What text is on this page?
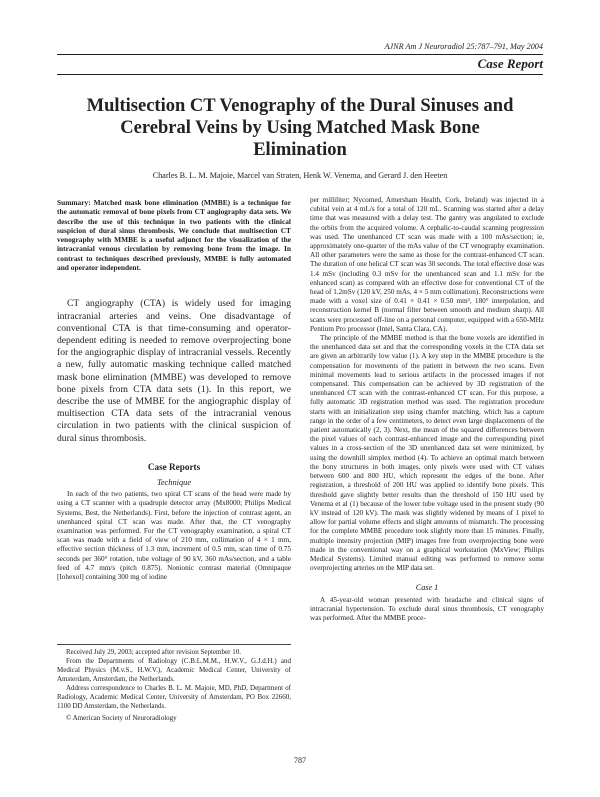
AJNR Am J Neuroradiol 25:787–791, May 2004
Case Report
Multisection CT Venography of the Dural Sinuses and Cerebral Veins by Using Matched Mask Bone Elimination
Charles B. L. M. Majoie, Marcel van Straten, Henk W. Venema, and Gerard J. den Heeten

Summary: Matched mask bone elimination (MMBE) is a technique for the automatic removal of bone pixels from CT angiography data sets. We describe the use of this technique in two patients with the clinical suspicion of dural sinus thrombosis. We conclude that multisection CT venography with MMBE is a useful adjunct for the visualization of the intracranial venous circulation by removing bone from the image. In contrast to techniques described previously, MMBE is fully automated and operator independent.

CT angiography (CTA) is widely used for imaging intracranial arteries and veins. One disadvantage of conventional CTA is that time-consuming and operator-dependent editing is needed to remove overprojecting bone for the angiographic display of intracranial vessels. Recently a new, fully automatic masking technique called matched mask bone elimination (MMBE) was developed to remove bone pixels from CTA data sets (1). In this report, we describe the use of MMBE for the angiographic display of multisection CTA data sets of the intracranial venous circulation in two patients with the clinical suspicion of dural sinus thrombosis.

Case Reports
Technique

In each of the two patients, two spiral CT scans of the head were made by using a CT scanner with a quadruple detector array (Mx8000; Philips Medical Systems, Best, the Netherlands). First, before the injection of contrast agent, an unenhanced spiral CT scan was made. After that, the CT venography examination was performed. For the CT venography examination, a spiral CT scan was made with a field of view of 210 mm, collimation of 4 × 1 mm, effective section thickness of 1.3 mm, increment of 0.5 mm, scan time of 0.75 seconds per 360° rotation, tube voltage of 90 kV, 360 mAs/section, and a table feed of 4.7 mm/s (pitch 0.875). Nonionic contrast material (Omnipaque [Iohexol] containing 300 mg of iodine

Received July 29, 2003; accepted after revision September 10.

From the Departments of Radiology (C.B.L.M.M., H.W.V., G.J.d.H.) and Medical Physics (M.v.S., H.W.V.), Academic Medical Center, University of Amsterdam, Amsterdam, the Netherlands.

Address correspondence to Charles B. L. M. Majoie, MD, PhD, Department of Radiology, Academic Medical Center, University of Amsterdam, PO Box 22660, 1100 DD Amsterdam, the Netherlands.

© American Society of Neuroradiology

per milliliter; Nycomed, Amersham Health, Cork, Ireland) was injected in a cubital vein at 4 mL/s for a total of 120 mL. Scanning was started after a delay time that was measured with a delay test. The gantry was angulated to exclude the orbits from the acquired volume. A cephalic-to-caudal scanning progression was used. The unenhanced CT scan was made with a 100 mAs/section; ie, approximately one-quarter of the mAs value of the CT venography examination. All other parameters were the same as those for the contrast-enhanced CT scan. The duration of one helical CT scan was 30 seconds. The total effective dose was 1.4 mSv (including 0.3 mSv for the unenhanced scan and 1.1 mSv for the enhanced scan) as compared with an effective dose for conventional CT of the head of 1.2mSv (120 kV, 250 mAs, 4 × 5 mm collimation). Reconstructions were made with a voxel size of 0.41 × 0.41 × 0.50 mm³, 180° interpolation, and reconstruction kernel B (normal filter between smooth and medium sharp). All scans were processed off-line on a personal computer, equipped with a 650-MHz Pentium Pro processor (Intel, Santa Clara, CA).

The principle of the MMBE method is that the bone voxels are identified in the unenhanced data set and that the corresponding voxels in the CTA data set are given an arbitrarily low value (1). A key step in the MMBE procedure is the compensation for movements of the patient in between the two scans. Even minimal movements lead to serious artifacts in the processed images if not compensated. This compensation can be achieved by 3D registration of the unenhanced CT scan with the contrast-enhanced CT scan. For this purpose, a fully automatic 3D registration method was used. The registration procedure starts with an initialization step using chamfer matching, which has a capture range in the order of a few centimeters, to detect even large displacements of the patient automatically (2, 3). Next, the mean of the squared differences between the pixel values of each contrast-enhanced image and the corresponding pixel values in a cross-section of the 3D unenhanced data set were minimized, by using the downhill simplex method (4). To achieve an optimal match between the bony structures in both images, only pixels were used with CT values between 600 and 800 HU, which represent the edges of the bone. After registration, a threshold of 200 HU was applied to identify bone pixels. This threshold gave slightly better results than the threshold of 150 HU used by Venema et al (1) because of the lower tube voltage used in the present study (90 kV instead of 120 kV). The mask was slightly widened by means of 1 pixel to allow for partial volume effects and slight amounts of mismatch. The processing for the complete MMBE procedure took slightly more than 15 minutes. Finally, multiple intensity projection (MIP) images free from overprojecting bone were made in the conventional way on a graphical workstation (MxView; Philips Medical Systems). Limited manual editing was performed to remove some overprojecting arteries on the MIP data set.

Case 1

A 45-year-old woman presented with headache and clinical signs of intracranial hypertension. To exclude dural sinus thrombosis, CT venography was performed. After the MMBE proce-

787
